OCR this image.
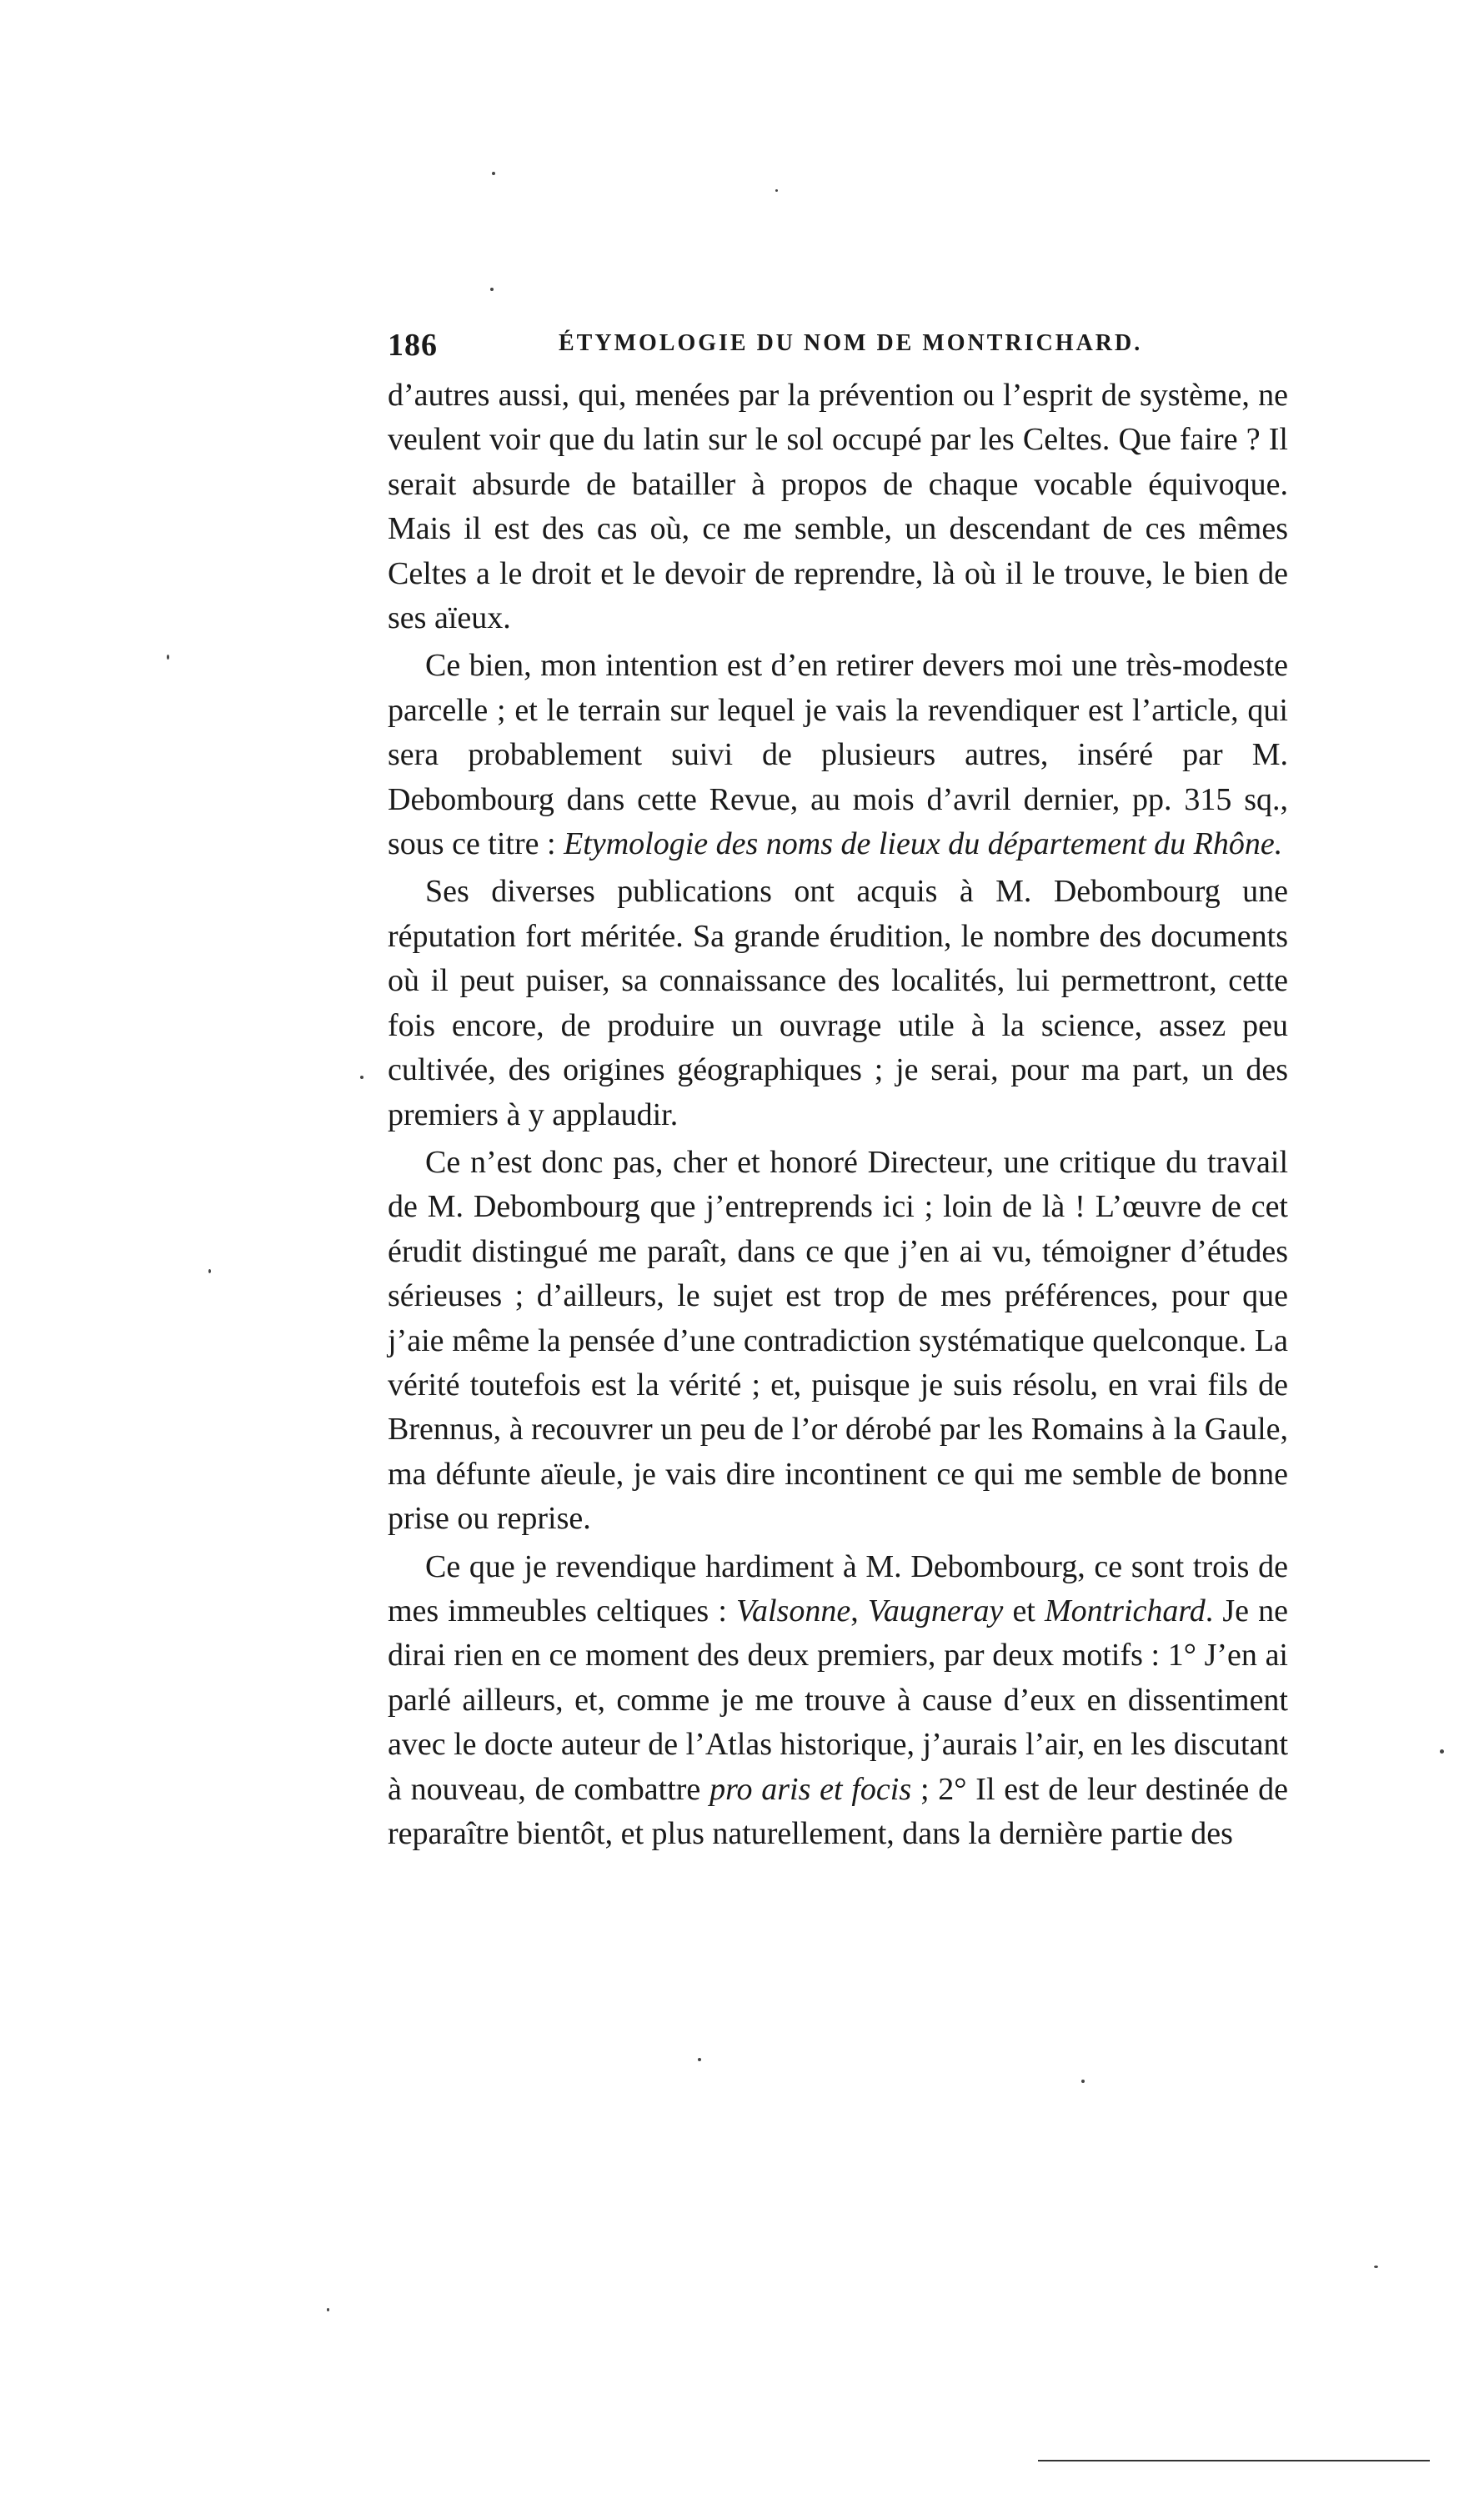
186	ÉTYMOLOGIE DU NOM DE MONTRICHARD.

d’autres aussi, qui, menées par la prévention ou l’esprit de système, ne veulent voir que du latin sur le sol occupé par les Celtes. Que faire ? Il serait absurde de batailler à propos de chaque vocable équivoque. Mais il est des cas où, ce me semble, un descendant de ces mêmes Celtes a le droit et le devoir de reprendre, là où il le trouve, le bien de ses aïeux.

Ce bien, mon intention est d’en retirer devers moi une très-modeste parcelle ; et le terrain sur lequel je vais la revendiquer est l’article, qui sera probablement suivi de plusieurs autres, inséré par M. Debombourg dans cette Revue, au mois d’avril dernier, pp. 315 sq., sous ce titre : Etymologie des noms de lieux du département du Rhône.

Ses diverses publications ont acquis à M. Debombourg une réputation fort méritée. Sa grande érudition, le nombre des documents où il peut puiser, sa connaissance des localités, lui permettront, cette fois encore, de produire un ouvrage utile à la science, assez peu cultivée, des origines géographiques ; je serai, pour ma part, un des premiers à y applaudir.

Ce n’est donc pas, cher et honoré Directeur, une critique du travail de M. Debombourg que j’entreprends ici ; loin de là ! L’œuvre de cet érudit distingué me paraît, dans ce que j’en ai vu, témoigner d’études sérieuses ; d’ailleurs, le sujet est trop de mes préférences, pour que j’aie même la pensée d’une contradiction systématique quelconque. La vérité toutefois est la vérité ; et, puisque je suis résolu, en vrai fils de Brennus, à recouvrer un peu de l’or dérobé par les Romains à la Gaule, ma défunte aïeule, je vais dire incontinent ce qui me semble de bonne prise ou reprise.

Ce que je revendique hardiment à M. Debombourg, ce sont trois de mes immeubles celtiques : Valsonne, Vaugneray et Montrichard. Je ne dirai rien en ce moment des deux premiers, par deux motifs : 1° J’en ai parlé ailleurs, et, comme je me trouve à cause d’eux en dissentiment avec le docte auteur de l’Atlas historique, j’aurais l’air, en les discutant à nouveau, de combattre pro aris et focis ; 2° Il est de leur destinée de reparaître bientôt, et plus naturellement, dans la dernière partie des
